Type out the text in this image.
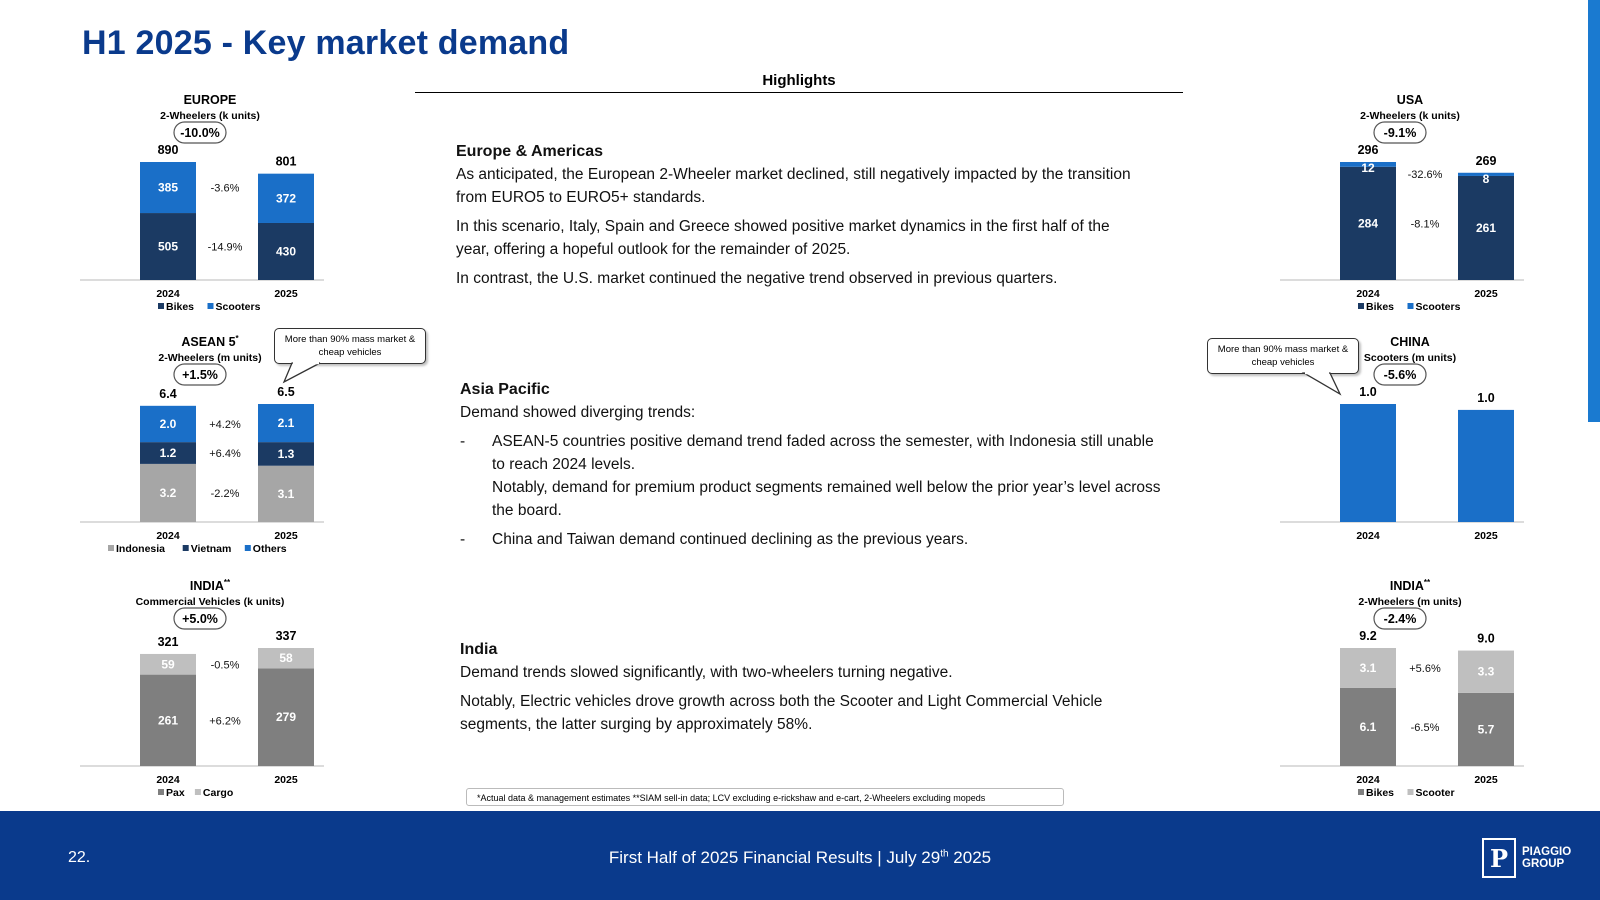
H1 2025 - Key market demand
Highlights
Europe & Americas

As anticipated, the European 2-Wheeler market declined, still negatively impacted by the transition from EURO5 to EURO5+ standards.

In this scenario, Italy, Spain and Greece showed positive market dynamics in the first half of the year, offering a hopeful outlook for the remainder of 2025.

In contrast, the U.S. market continued the negative trend observed in previous quarters.

Asia Pacific

Demand showed diverging trends:

- ASEAN-5 countries positive demand trend faded across the semester, with Indonesia still unable to reach 2024 levels.
Notably, demand for premium product segments remained well below the prior year’s level across the board.
- China and Taiwan demand continued declining as the previous years.
India

Demand trends slowed significantly, with two-wheelers turning negative.

Notably, Electric vehicles drove growth across both the Scooter and Light Commercial Vehicle segments, the latter surging by approximately 58%.

EUROPE
2-Wheelers (k units)
505
385
890
2024
430
372
801
2025
-14.9%
-3.6%
-10.0%
Bikes Scooters
ASEAN 5*
2-Wheelers (m units)
3.2
1.2
2.0
6.4
2024
3.1
1.3
2.1
6.5
2025
-2.2%
+6.4%
+4.2%
+1.5%
Indonesia Vietnam Others
INDIA**
Commercial Vehicles (k units)
261
59
321
2024
279
58
337
2025
+6.2%
-0.5%
+5.0%
Pax Cargo
USA
2-Wheelers (k units)
284
12
296
2024
261
8
269
2025
-8.1%
-32.6%
-9.1%
Bikes Scooters
CHINA
Scooters (m units)
1.0
2024
1.0
2025
-5.6%
INDIA**
2-Wheelers (m units)
6.1
3.1
9.2
2024
5.7
3.3
9.0
2025
-6.5%
+5.6%
-2.4%
Bikes Scooter
More than 90% mass market & cheap vehicles	More than 90% mass market & cheap vehicles
*Actual data & management estimates **SIAM sell-in data; LCV excluding e-rickshaw and e-cart, 2-Wheelers excluding mopeds
22.	First Half of 2025 Financial Results | July 29th 2025	P PIAGGIO
GROUP
